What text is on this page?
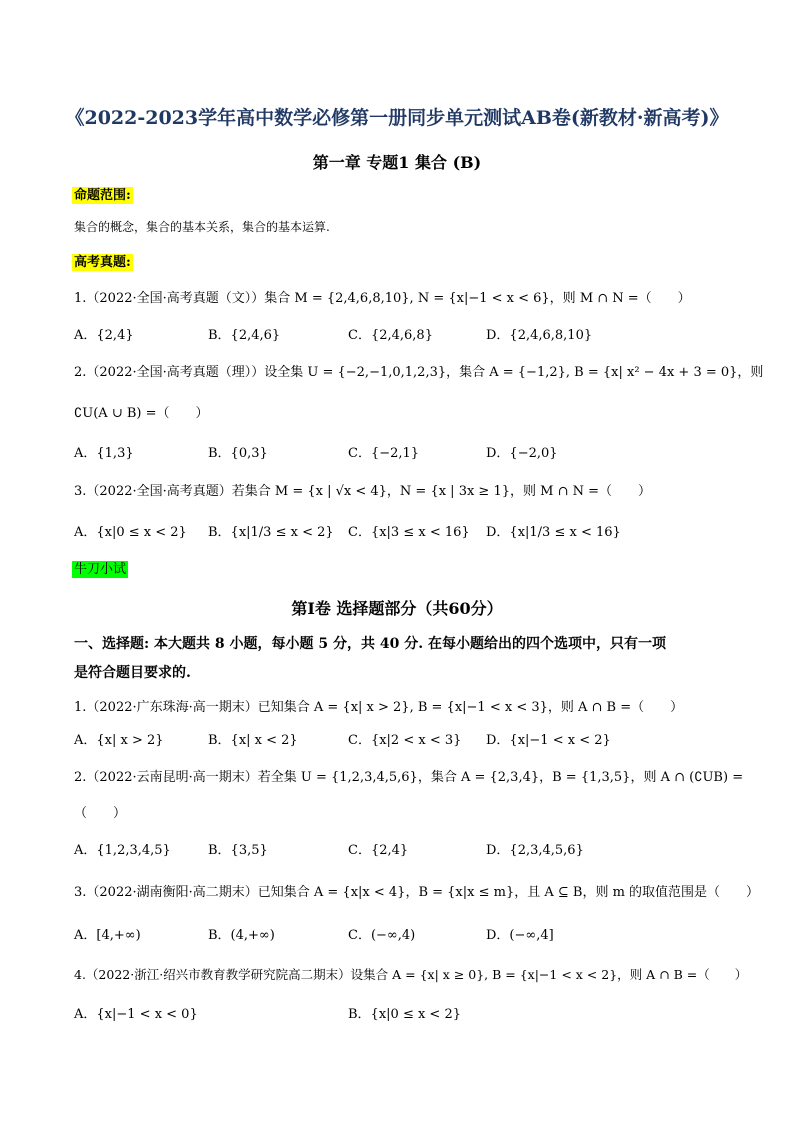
《2022-2023学年高中数学必修第一册同步单元测试AB卷(新教材·新高考)》
第一章 专题1 集合 (B)
命题范围:
集合的概念，集合的基本关系，集合的基本运算.
高考真题:
1.（2022·全国·高考真题（文））集合 M = {2,4,6,8,10}, N = {x|−1 < x < 6}，则 M ∩ N =（　　）
A．{2,4}	B．{2,4,6}	C．{2,4,6,8}	D．{2,4,6,8,10}
2.（2022·全国·高考真题（理））设全集 U = {−2,−1,0,1,2,3}，集合 A = {−1,2}, B = {x| x² − 4x + 3 = 0}，则
∁U(A ∪ B) =（　　）
A．{1,3}	B．{0,3}	C．{−2,1}	D．{−2,0}
3.（2022·全国·高考真题）若集合 M = {x | √x < 4}，N = {x | 3x ≥ 1}，则 M ∩ N =（　　）
A．{x|0 ≤ x < 2} B．{x|1/3 ≤ x < 2} C．{x|3 ≤ x < 16} D．{x|1/3 ≤ x < 16}
牛刀小试
第Ⅰ卷 选择题部分（共60分）
一、选择题: 本大题共 8 小题，每小题 5 分，共 40 分. 在每小题给出的四个选项中，只有一项
是符合题目要求的.
1.（2022·广东珠海·高一期末）已知集合 A = {x| x > 2}, B = {x|−1 < x < 3}，则 A ∩ B =（　　）
A．{x| x > 2}	B．{x| x < 2}	C．{x|2 < x < 3} D．{x|−1 < x < 2}
2.（2022·云南昆明·高一期末）若全集 U = {1,2,3,4,5,6}，集合 A = {2,3,4}，B = {1,3,5}，则 A ∩ (∁UB) =
（　　）
A．{1,2,3,4,5}	B．{3,5}	C．{2,4}	D．{2,3,4,5,6}
3.（2022·湖南衡阳·高二期末）已知集合 A = {x|x < 4}，B = {x|x ≤ m}，且 A ⊆ B，则 m 的取值范围是（　　）
A．[4,+∞)	B．(4,+∞)	C．(−∞,4)	D．(−∞,4]
4.（2022·浙江·绍兴市教育教学研究院高二期末）设集合 A = {x| x ≥ 0}, B = {x|−1 < x < 2}，则 A ∩ B =（　　）
A．{x|−1 < x < 0}	B．{x|0 ≤ x < 2}
